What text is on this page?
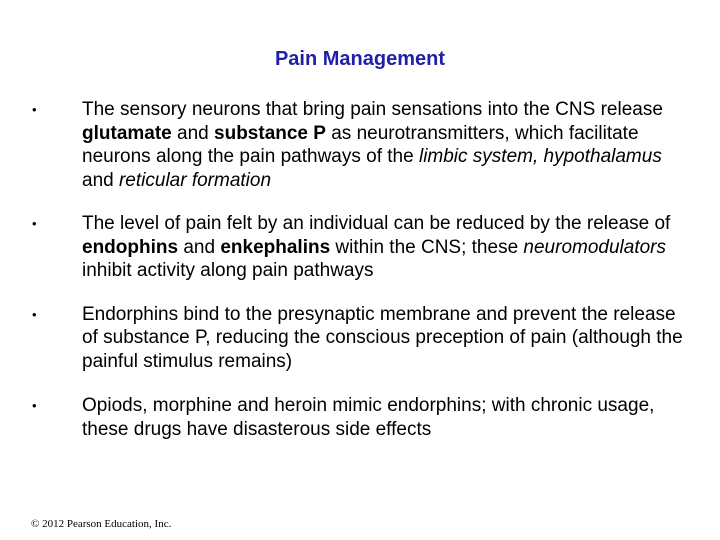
Pain Management
• The sensory neurons that bring pain sensations into the CNS release glutamate and substance P as neurotransmitters, which facilitate neurons along the pain pathways of the limbic system, hypothalamus and reticular formation
• The level of pain felt by an individual can be reduced by the release of endophins and enkephalins within the CNS; these neuromodulators inhibit activity along pain pathways
• Endorphins bind to the presynaptic membrane and prevent the release of substance P, reducing the conscious preception of pain (although the painful stimulus remains)
• Opiods, morphine and heroin mimic endorphins; with chronic usage, these drugs have disasterous side effects
© 2012 Pearson Education, Inc.
